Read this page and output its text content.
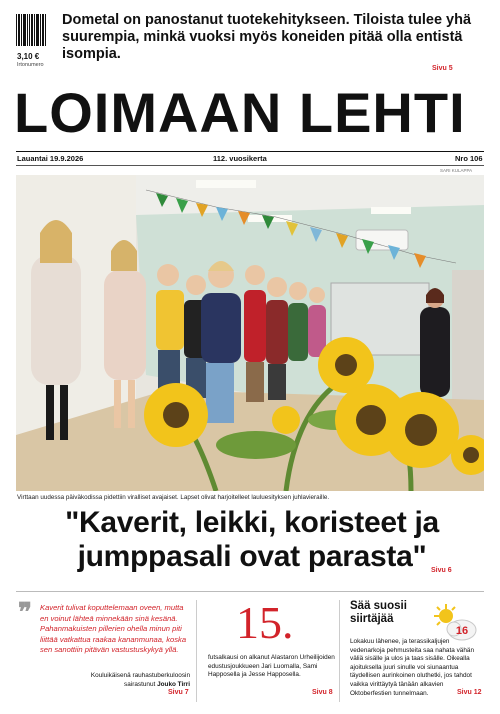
3,10 €
Irtonumero
Dometal on panostanut tuotekehitykseen. Tiloista tulee yhä suurempia, minkä vuoksi myös koneiden pitää olla entistä isompia.
Sivu 5
LOIMAAN LEHTI
Lauantai 19.9.2026	112. vuosikerta	Nro 106
SARI KULAPPA
Virttaan uudessa päiväkodissa pidettiin viralliset avajaiset. Lapset olivat harjoitelleet lauluesityksen juhlavieraille.
"Kaverit, leikki, koristeet ja jumppasali ovat parasta" Sivu 6
❞ Kaverit tulivat koputtelemaan oveen, mutta en voinut lähteä minnekään sinä kesänä. Pahanmakuisten pillerien ohella minun piti liittää vatkattua raakaa kananmunaa, koska sen sanottiin pitävän vastustuskykyä yllä.
Kouluikäisenä rauhastuberkuloosin sairastunut Jouko Tirri
Sivu 7
15.
futsalkausi on alkanut Alastaron Urheilijoiden edustusjoukkueen Jari Luomalla, Sami Happosella ja Jesse Happosella.
Sivu 8
Sää suosii siirtäjää
16
Lokakuu lähenee, ja terassikaljujen vedenarkoja pehmusteita saa nahata vähän väliä sisälle ja ulos ja taas sisälle. Oikealla ajoituksella juuri sinulle voi siunaantua täydellisen aurinkoinen oluthetki, jos tahdot vaikka virittäytyä tänään alkavien Oktoberfestien tunnelmaan.	Sivu 12
